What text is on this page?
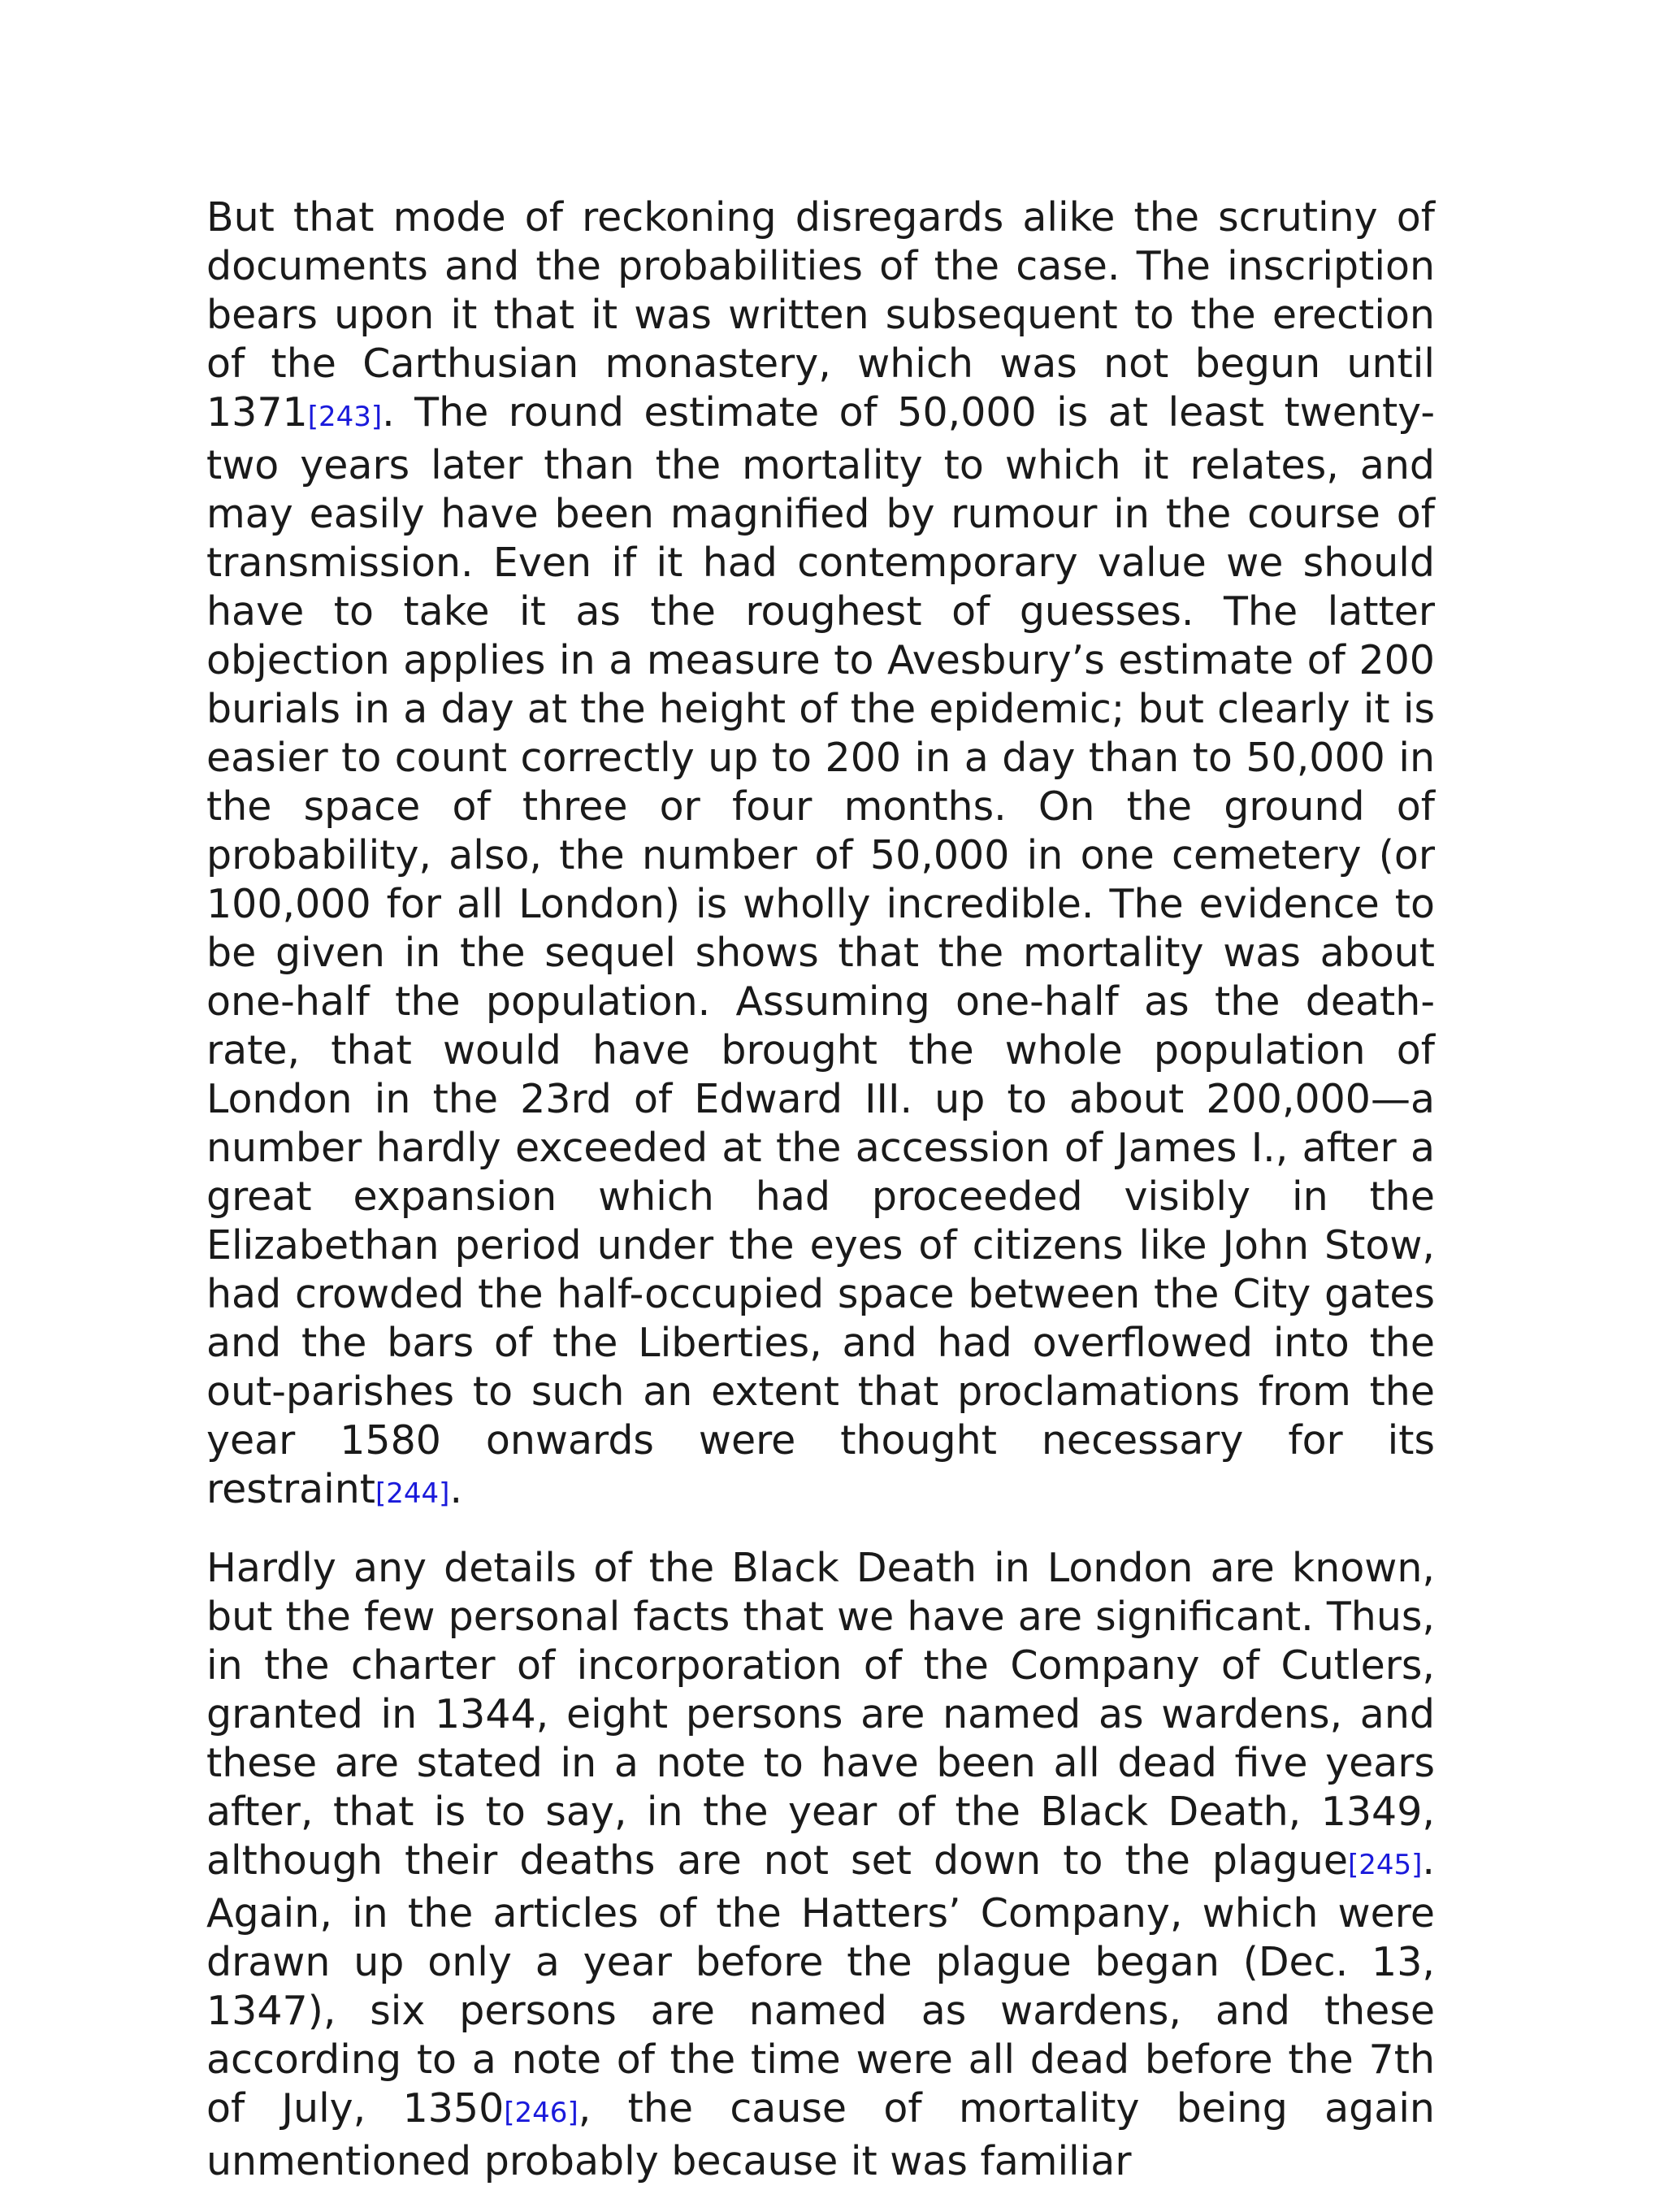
But that mode of reckoning disregards alike the scrutiny of documents and the probabilities of the case. The inscription bears upon it that it was written subsequent to the erection of the Carthusian monastery, which was not begun until 1371[243]. The round estimate of 50,000 is at least twenty-two years later than the mortality to which it relates, and may easily have been magnified by rumour in the course of transmission. Even if it had contemporary value we should have to take it as the roughest of guesses. The latter objection applies in a measure to Avesbury’s estimate of 200 burials in a day at the height of the epidemic; but clearly it is easier to count correctly up to 200 in a day than to 50,000 in the space of three or four months. On the ground of probability, also, the number of 50,000 in one cemetery (or 100,000 for all London) is wholly incredible. The evidence to be given in the sequel shows that the mortality was about one-half the population. Assuming one-half as the death-rate, that would have brought the whole population of London in the 23rd of Edward III. up to about 200,000—a number hardly exceeded at the accession of James I., after a great expansion which had proceeded visibly in the Elizabethan period under the eyes of citizens like John Stow, had crowded the half-occupied space between the City gates and the bars of the Liberties, and had overflowed into the out-parishes to such an extent that proclamations from the year 1580 onwards were thought necessary for its restraint[244].

Hardly any details of the Black Death in London are known, but the few personal facts that we have are significant. Thus, in the charter of incorporation of the Company of Cutlers, granted in 1344, eight persons are named as wardens, and these are stated in a note to have been all dead five years after, that is to say, in the year of the Black Death, 1349, although their deaths are not set down to the plague[245]. Again, in the articles of the Hatters’ Company, which were drawn up only a year before the plague began (Dec. 13, 1347), six persons are named as wardens, and these according to a note of the time were all dead before the 7th of July, 1350[246], the cause of mortality being again unmentioned probably because it was familiar
